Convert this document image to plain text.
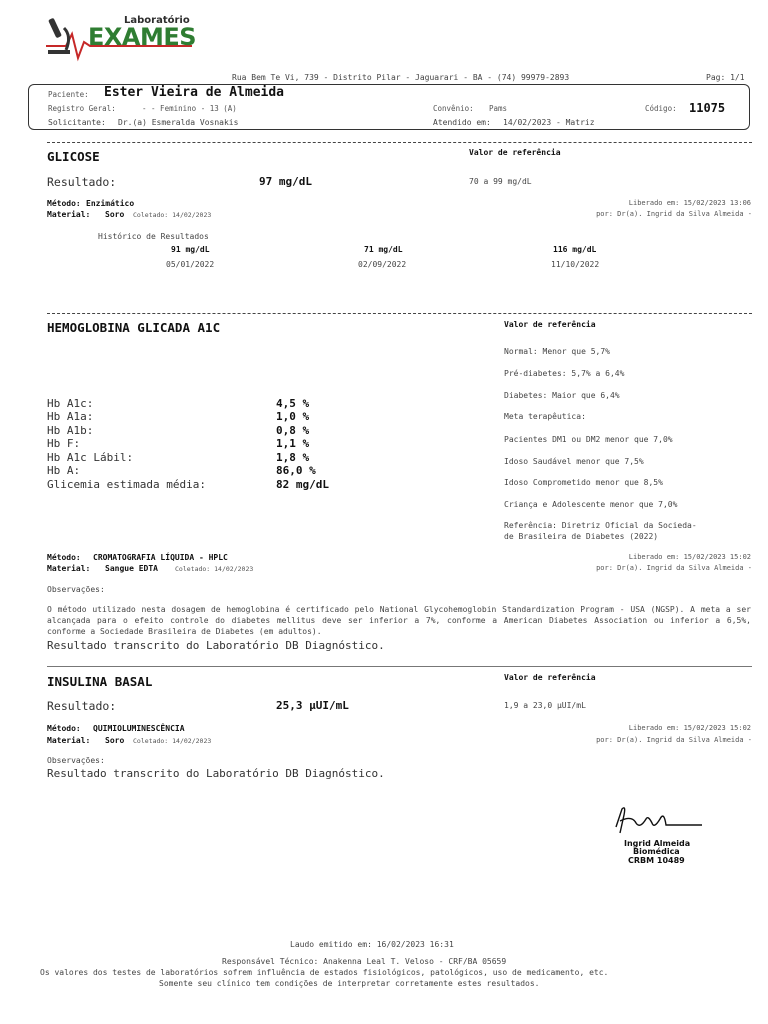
Laboratório
EXAMES
Rua Bem Te Vi, 739 - Distrito Pilar - Jaguarari - BA - (74) 99979-2893	Pag: 1/1
Paciente: Ester Vieira de Almeida
Registro Geral:	- - Feminino - 13 (A)	Convênio: Pams	Código: 11075
Solicitante: Dr.(a) Esmeralda Vosnakis	Atendido em: 14/02/2023 - Matriz
GLICOSE	Valor de referência
Resultado:	97 mg/dL	70 a 99 mg/dL
Método: Enzimático
Material: Soro Coletado: 14/02/2023
Liberado em: 15/02/2023 13:06
por: Dr(a). Ingrid da Silva Almeida -
Histórico de Resultados
91 mg/dL
05/01/2022
71 mg/dL
02/09/2022
116 mg/dL
11/10/2022
HEMOGLOBINA GLICADA A1C	Valor de referência
Normal: Menor que 5,7%
Pré-diabetes: 5,7% a 6,4%
Diabetes: Maior que 6,4%
Meta terapêutica:
Pacientes DM1 ou DM2 menor que 7,0%
Idoso Saudável menor que 7,5%
Idoso Comprometido menor que 8,5%
Criança e Adolescente menor que 7,0%
Referência: Diretriz Oficial da Socieda-
de Brasileira de Diabetes (2022)
Hb A1c:	4,5 %
Hb A1a:	1,0 %
Hb A1b:	0,8 %
Hb F:	1,1 %
Hb A1c Lábil:	1,8 %
Hb A:	86,0 %
Glicemia estimada média:	82 mg/dL
Método: CROMATOGRAFIA LÍQUIDA - HPLC
Material: Sangue EDTA	Coletado: 14/02/2023
Liberado em: 15/02/2023 15:02
por: Dr(a). Ingrid da Silva Almeida -
Observações:
O método utilizado nesta dosagem de hemoglobina é certificado pelo National Glycohemoglobin Standardization Program - USA (NGSP). A meta a ser alcançada para o efeito controle do diabetes mellitus deve ser inferior a 7%, conforme a American Diabetes Association ou inferior a 6,5%, conforme a Sociedade Brasileira de Diabetes (em adultos).
Resultado transcrito do Laboratório DB Diagnóstico.
INSULINA BASAL	Valor de referência
Resultado:	25,3 µUI/mL	1,9 a 23,0 µUI/mL
Método: QUIMIOLUMINESCÊNCIA
Material: Soro Coletado: 14/02/2023
Liberado em: 15/02/2023 15:02
por: Dr(a). Ingrid da Silva Almeida -
Observações:
Resultado transcrito do Laboratório DB Diagnóstico.
Ingrid Almeida
Biomédica
CRBM 10489
Laudo emitido em: 16/02/2023 16:31
Responsável Técnico: Anakenna Leal T. Veloso - CRF/BA 05659
Os valores dos testes de laboratórios sofrem influência de estados fisiológicos, patológicos, uso de medicamento, etc.
Somente seu clínico tem condições de interpretar corretamente estes resultados.
